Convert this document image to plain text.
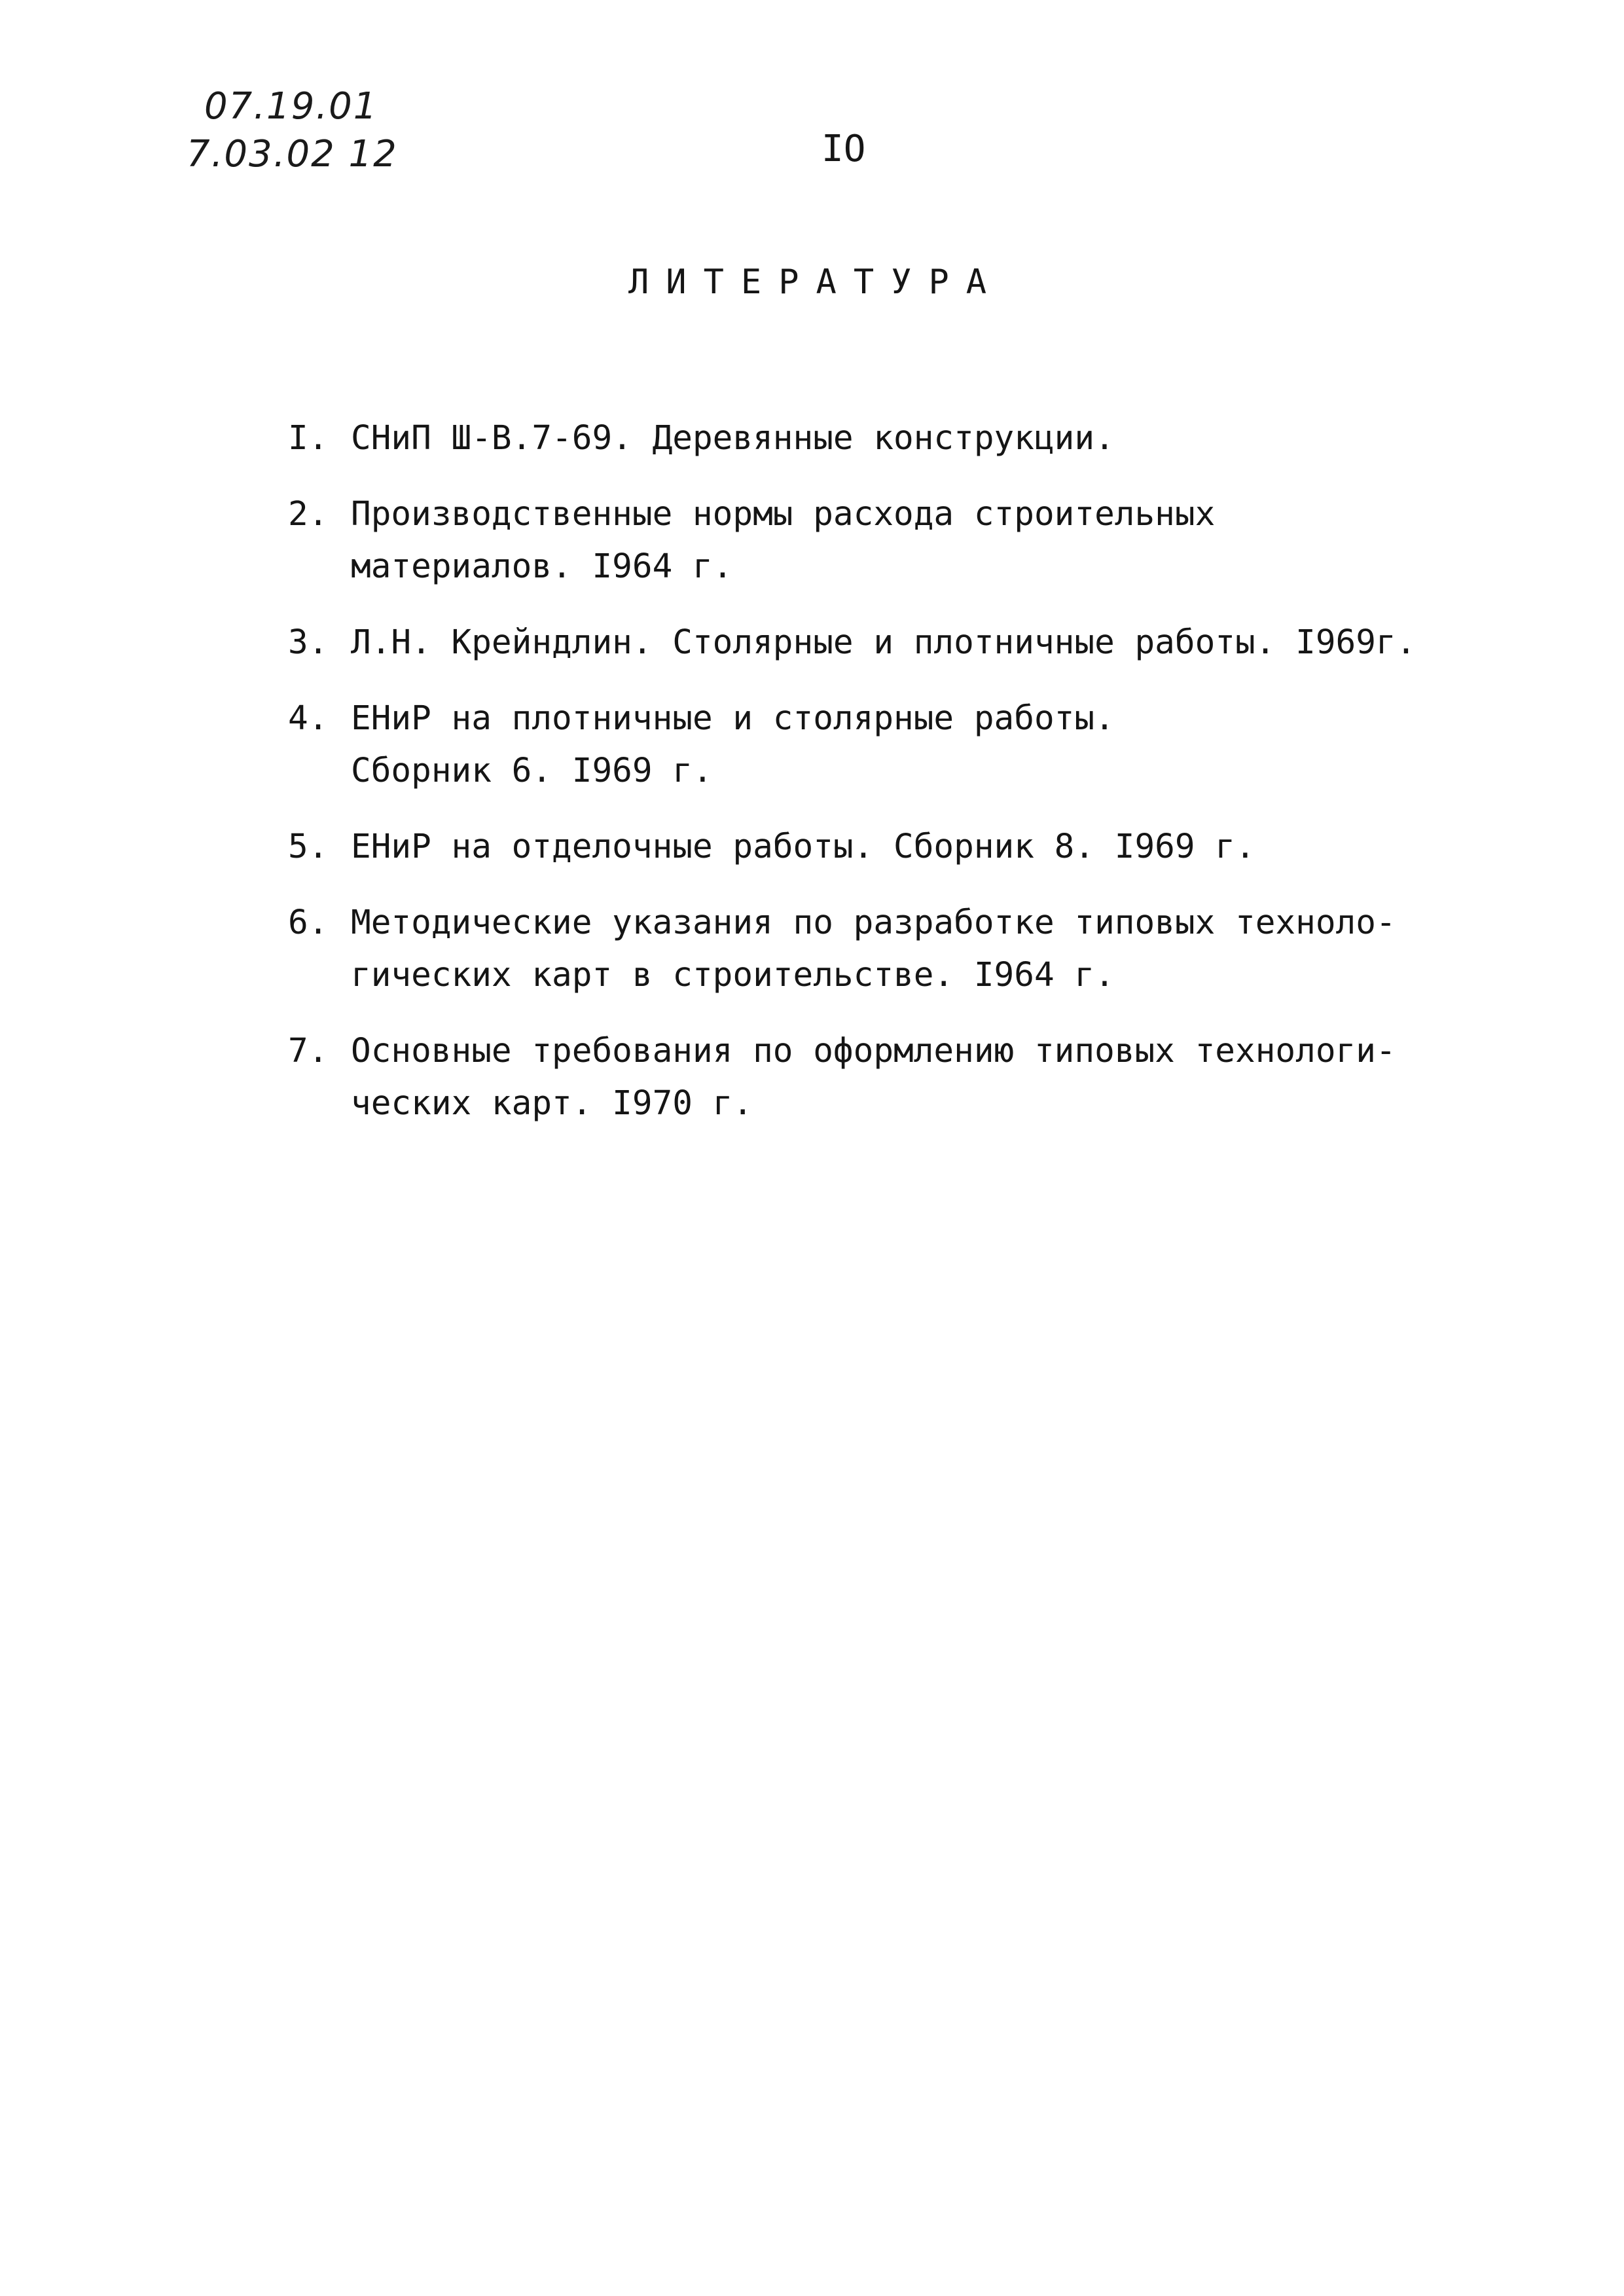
07.19.01
7.03.02 12	IO
ЛИТЕРАТУРА
I. СНиП Ш-В.7-69. Деревянные конструкции.
2. Производственные нормы расхода строительных
материалов. I964 г.
3. Л.Н. Крейндлин. Столярные и плотничные работы. I969г.
4. ЕНиР на плотничные и столярные работы.
Сборник 6. I969 г.
5. ЕНиР на отделочные работы. Сборник 8. I969 г.
6. Методические указания по разработке типовых техноло-
гических карт в строительстве. I964 г.
7. Основные требования по оформлению типовых технологи-
ческих карт. I970 г.
